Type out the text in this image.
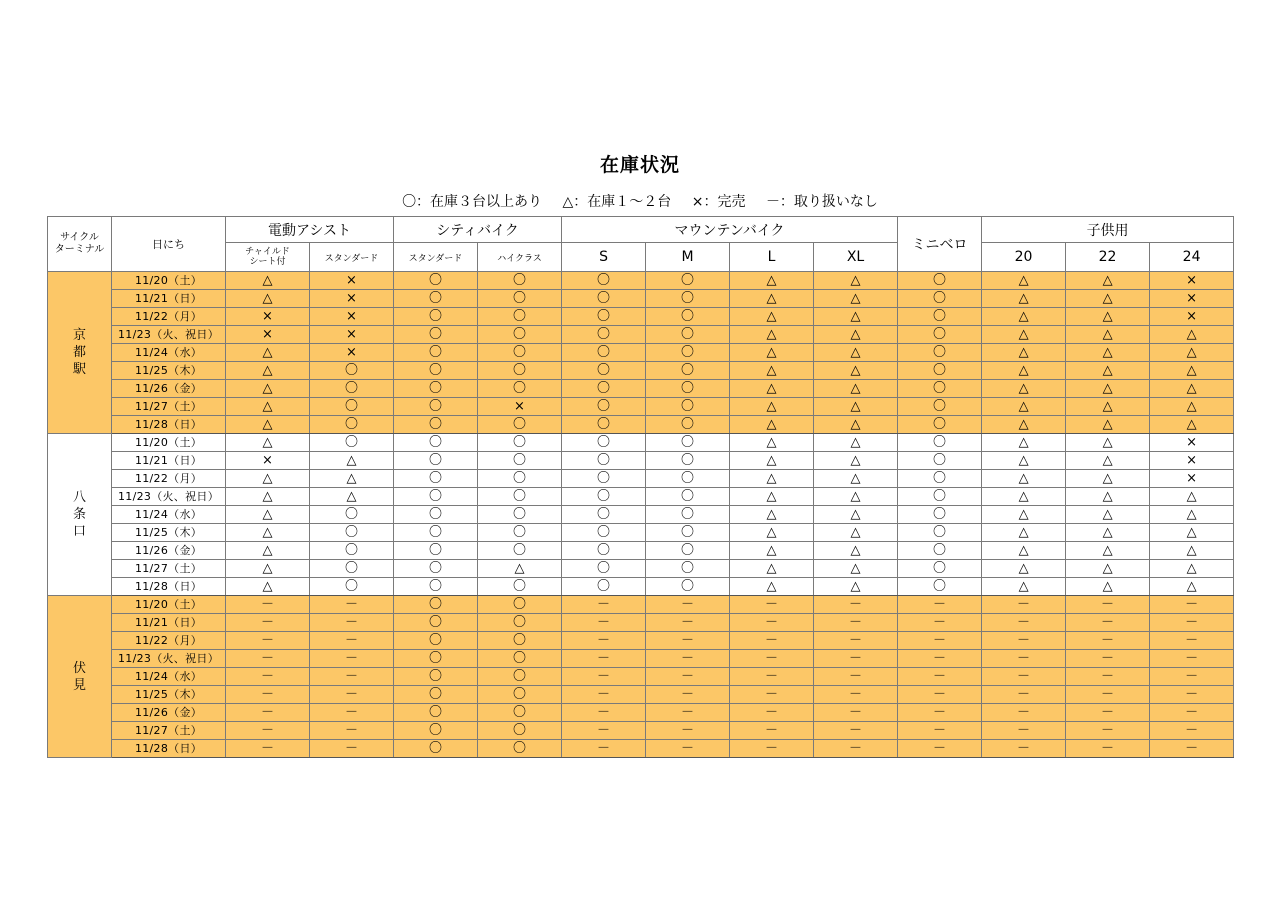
在庫状況
〇：在庫３台以上あり △：在庫１～２台 ×：完売 －：取り扱いなし
サイクル
ターミナル	日にち	電動アシスト		シティバイク		マウンテンバイク				ミニベロ	子供用		

		チャイルド
シート付	スタンダード	スタンダード	ハイクラス	S	M	L	XL		20	22	24

京
都
駅	11/20（土）	△	×	〇	〇	〇	〇	△	△	〇	△	△	×
	11/21（日）	△	×	〇	〇	〇	〇	△	△	〇	△	△	×
	11/22（月）	×	×	〇	〇	〇	〇	△	△	〇	△	△	×
	11/23（火、祝日）	×	×	〇	〇	〇	〇	△	△	〇	△	△	△
	11/24（水）	△	×	〇	〇	〇	〇	△	△	〇	△	△	△
	11/25（木）	△	〇	〇	〇	〇	〇	△	△	〇	△	△	△
	11/26（金）	△	〇	〇	〇	〇	〇	△	△	〇	△	△	△
	11/27（土）	△	〇	〇	×	〇	〇	△	△	〇	△	△	△
	11/28（日）	△	〇	〇	〇	〇	〇	△	△	〇	△	△	△

八
条
口	11/20（土）	△	〇	〇	〇	〇	〇	△	△	〇	△	△	×
	11/21（日）	×	△	〇	〇	〇	〇	△	△	〇	△	△	×
	11/22（月）	△	△	〇	〇	〇	〇	△	△	〇	△	△	×
	11/23（火、祝日）	△	△	〇	〇	〇	〇	△	△	〇	△	△	△
	11/24（水）	△	〇	〇	〇	〇	〇	△	△	〇	△	△	△
	11/25（木）	△	〇	〇	〇	〇	〇	△	△	〇	△	△	△
	11/26（金）	△	〇	〇	〇	〇	〇	△	△	〇	△	△	△
	11/27（土）	△	〇	〇	△	〇	〇	△	△	〇	△	△	△
	11/28（日）	△	〇	〇	〇	〇	〇	△	△	〇	△	△	△

伏
見	11/20（土）	－	－	〇	〇	－	－	－	－	－	－	－	－
	11/21（日）	－	－	〇	〇	－	－	－	－	－	－	－	－
	11/22（月）	－	－	〇	〇	－	－	－	－	－	－	－	－
	11/23（火、祝日）	－	－	〇	〇	－	－	－	－	－	－	－	－
	11/24（水）	－	－	〇	〇	－	－	－	－	－	－	－	－
	11/25（木）	－	－	〇	〇	－	－	－	－	－	－	－	－
	11/26（金）	－	－	〇	〇	－	－	－	－	－	－	－	－
	11/27（土）	－	－	〇	〇	－	－	－	－	－	－	－	－
	11/28（日）	－	－	〇	〇	－	－	－	－	－	－	－	－
